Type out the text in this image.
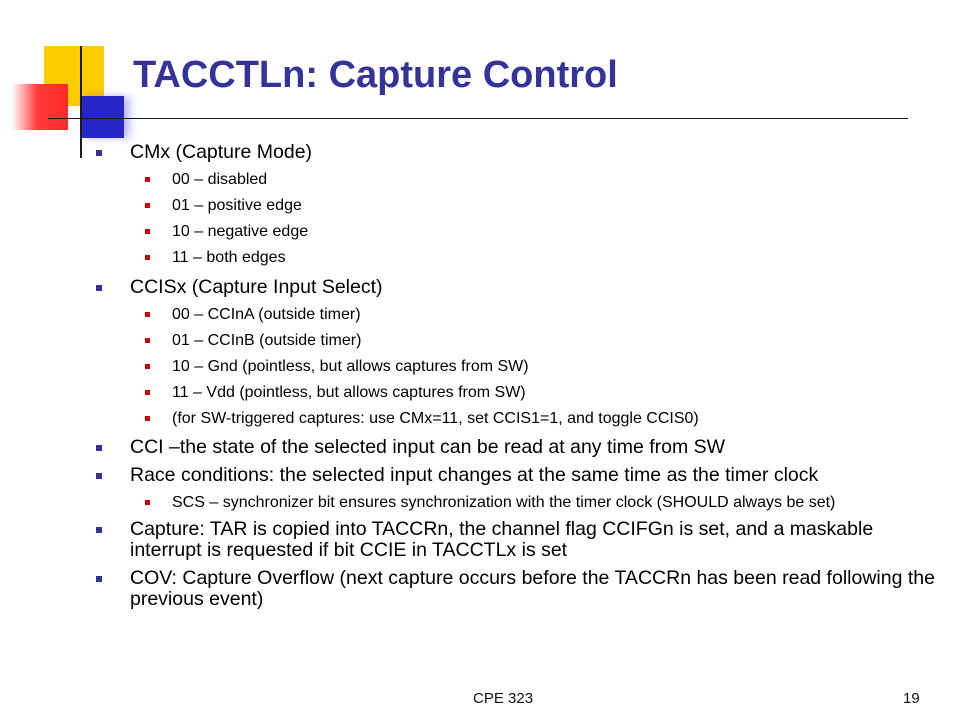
TACCTLn: Capture Control
CMx (Capture Mode)
00 – disabled
01 – positive edge
10 – negative edge
11 – both edges
CCISx (Capture Input Select)
00 – CCInA (outside timer)
01 – CCInB (outside timer)
10 – Gnd (pointless, but allows captures from SW)
11 – Vdd (pointless, but allows captures from SW)
(for SW-triggered captures: use CMx=11, set CCIS1=1, and toggle CCIS0)
CCI –the state of the selected input can be read at any time from SW
Race conditions: the selected input changes at the same time as the timer clock
SCS – synchronizer bit ensures synchronization with the timer clock (SHOULD always be set)
Capture: TAR is copied into TACCRn, the channel flag CCIFGn is set, and a maskable interrupt is requested if bit CCIE in TACCTLx is set
COV: Capture Overflow (next capture occurs before the TACCRn has been read following the previous event)
CPE 323	19
